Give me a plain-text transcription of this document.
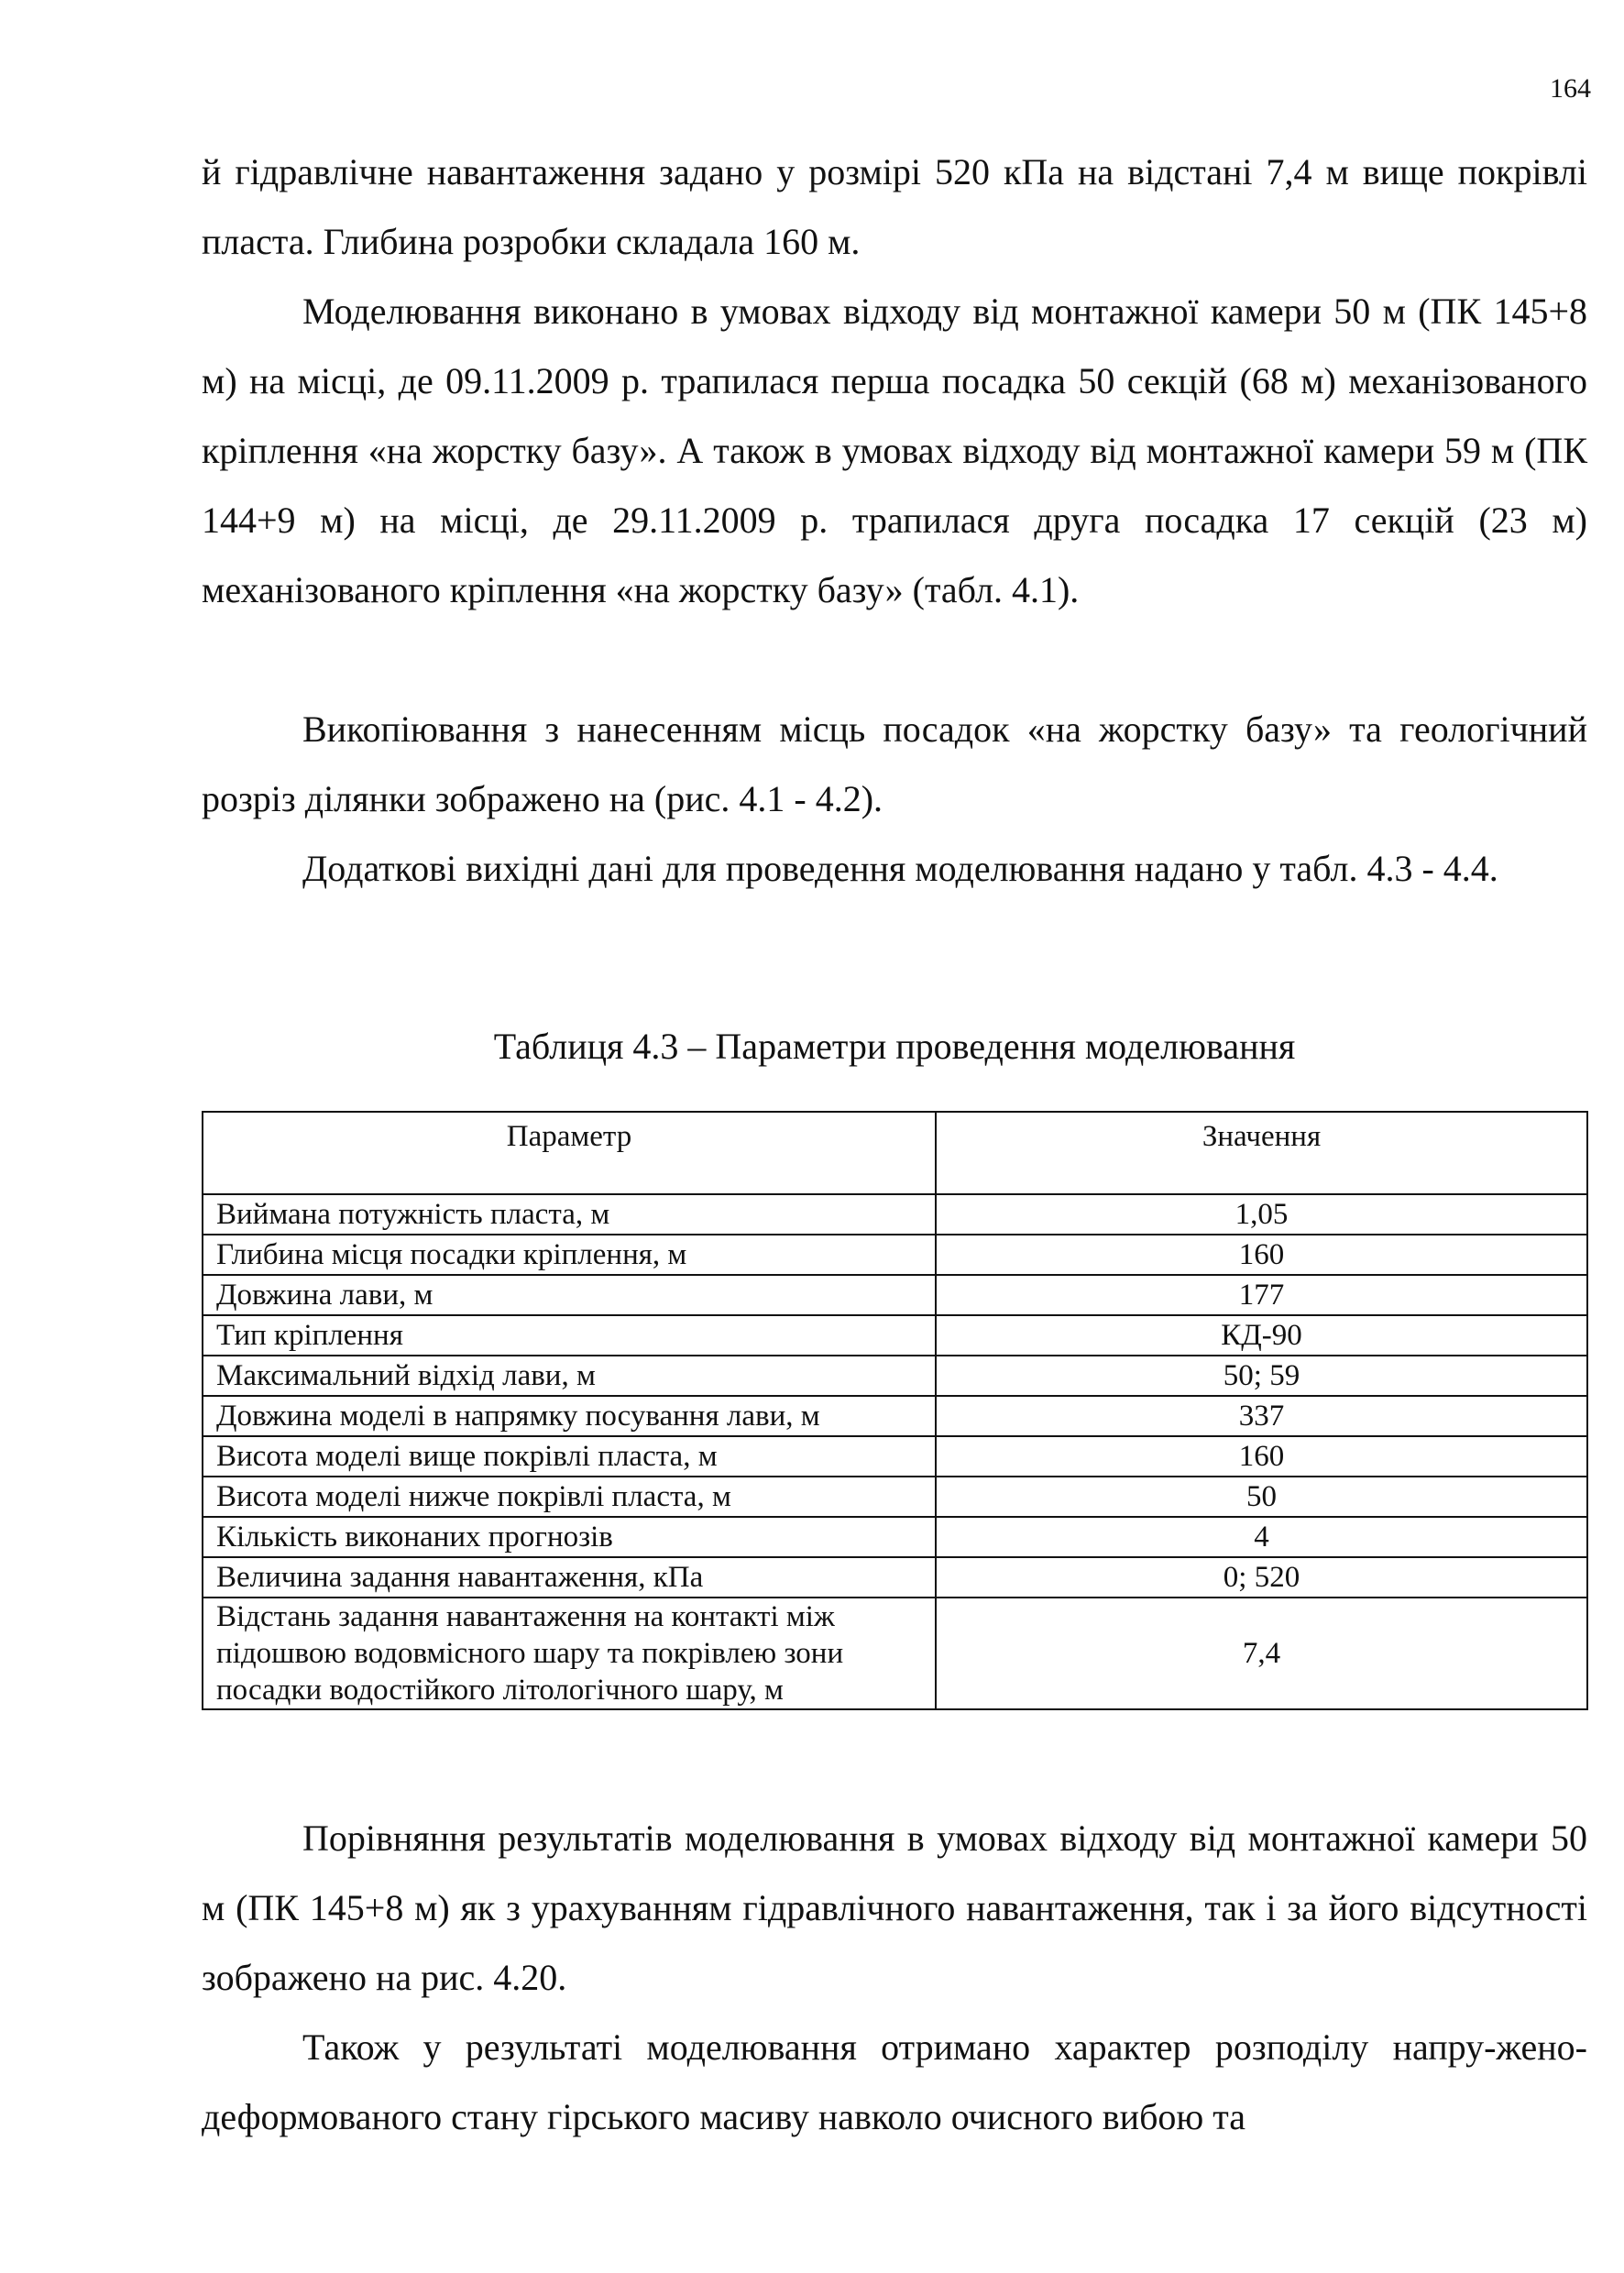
164

й гідравлічне навантаження задано у розмірі 520 кПа на відстані 7,4 м вище покрівлі пласта. Глибина розробки складала 160 м.

Моделювання виконано в умовах відходу від монтажної камери 50 м (ПК 145+8 м) на місці, де 09.11.2009 р. трапилася перша посадка 50 секцій (68 м) механізованого кріплення «на жорстку базу». А також в умовах відходу від монтажної камери 59 м (ПК 144+9 м) на місці, де 29.11.2009 р. трапилася друга посадка 17 секцій (23 м) механізованого кріплення «на жорстку базу» (табл. 4.1).

Викопіювання з нанесенням місць посадок «на жорстку базу» та геологічний розріз ділянки зображено на (рис. 4.1 - 4.2).

Додаткові вихідні дані для проведення моделювання надано у табл. 4.3 - 4.4.

Таблиця 4.3 – Параметри проведення моделювання
Параметр	Значення
Виймана потужність пласта, м	1,05
Глибина місця посадки кріплення, м	160
Довжина лави, м	177
Тип кріплення	КД-90
Максимальний відхід лави, м	50; 59
Довжина моделі в напрямку посування лави, м	337
Висота моделі вище покрівлі пласта, м	160
Висота моделі нижче покрівлі пласта, м	50
Кількість виконаних прогнозів	4
Величина задання навантаження, кПа	0; 520
Відстань задання навантаження на контакті між підошвою водовмісного шару та покрівлею зони посадки водостійкого літологічного шару, м	7,4

Порівняння результатів моделювання в умовах відходу від монтажної камери 50 м (ПК 145+8 м) як з урахуванням гідравлічного навантаження, так і за його відсутності зображено на рис. 4.20.

Також у результаті моделювання отримано характер розподілу напру-жено-деформованого стану гірського масиву навколо очисного вибою та
